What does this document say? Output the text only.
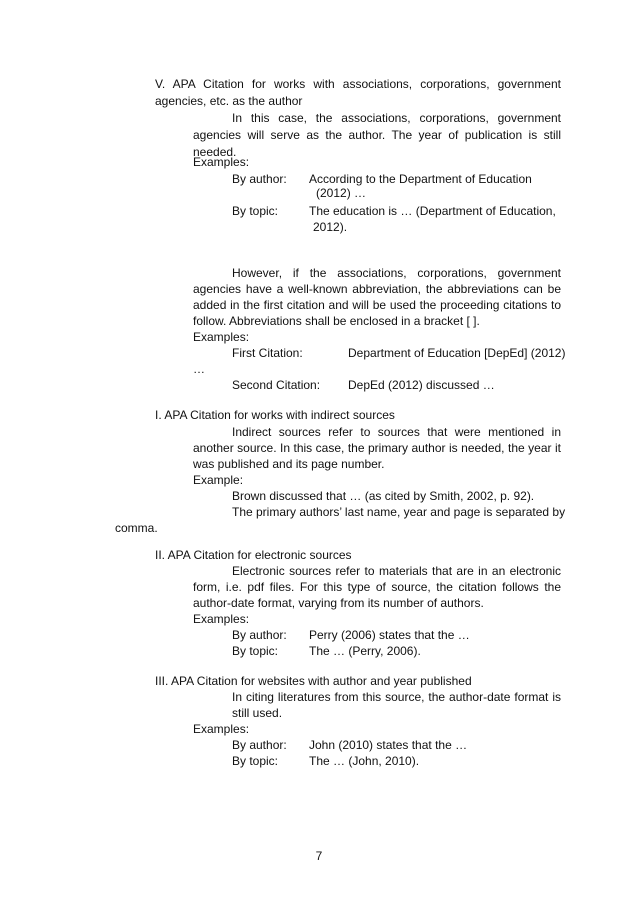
V. APA Citation for works with associations, corporations, government
agencies, etc. as the author
In this case, the associations, corporations, government
agencies will serve as the author. The year of publication is still
needed.
Examples:
By author: According to the Department of Education
(2012) …
By topic:	The education is … (Department of Education,
2012).
However, if the associations, corporations, government
agencies have a well-known abbreviation, the abbreviations can be
added in the first citation and will be used the proceeding citations to
follow. Abbreviations shall be enclosed in a bracket [ ].
Examples:
First Citation:	Department of Education [DepEd] (2012)
…
Second Citation: DepEd (2012) discussed …
I. APA Citation for works with indirect sources
Indirect sources refer to sources that were mentioned in
another source. In this case, the primary author is needed, the year it
was published and its page number.
Example:
Brown discussed that … (as cited by Smith, 2002, p. 92).
The primary authors’ last name, year and page is separated by
comma.
II. APA Citation for electronic sources
Electronic sources refer to materials that are in an electronic
form, i.e. pdf files. For this type of source, the citation follows the
author-date format, varying from its number of authors.
Examples:
By author: Perry (2006) states that the …
By topic:	The … (Perry, 2006).
III. APA Citation for websites with author and year published
In citing literatures from this source, the author-date format is
still used.
Examples:
By author: John (2010) states that the …
By topic:	The … (John, 2010).
7
